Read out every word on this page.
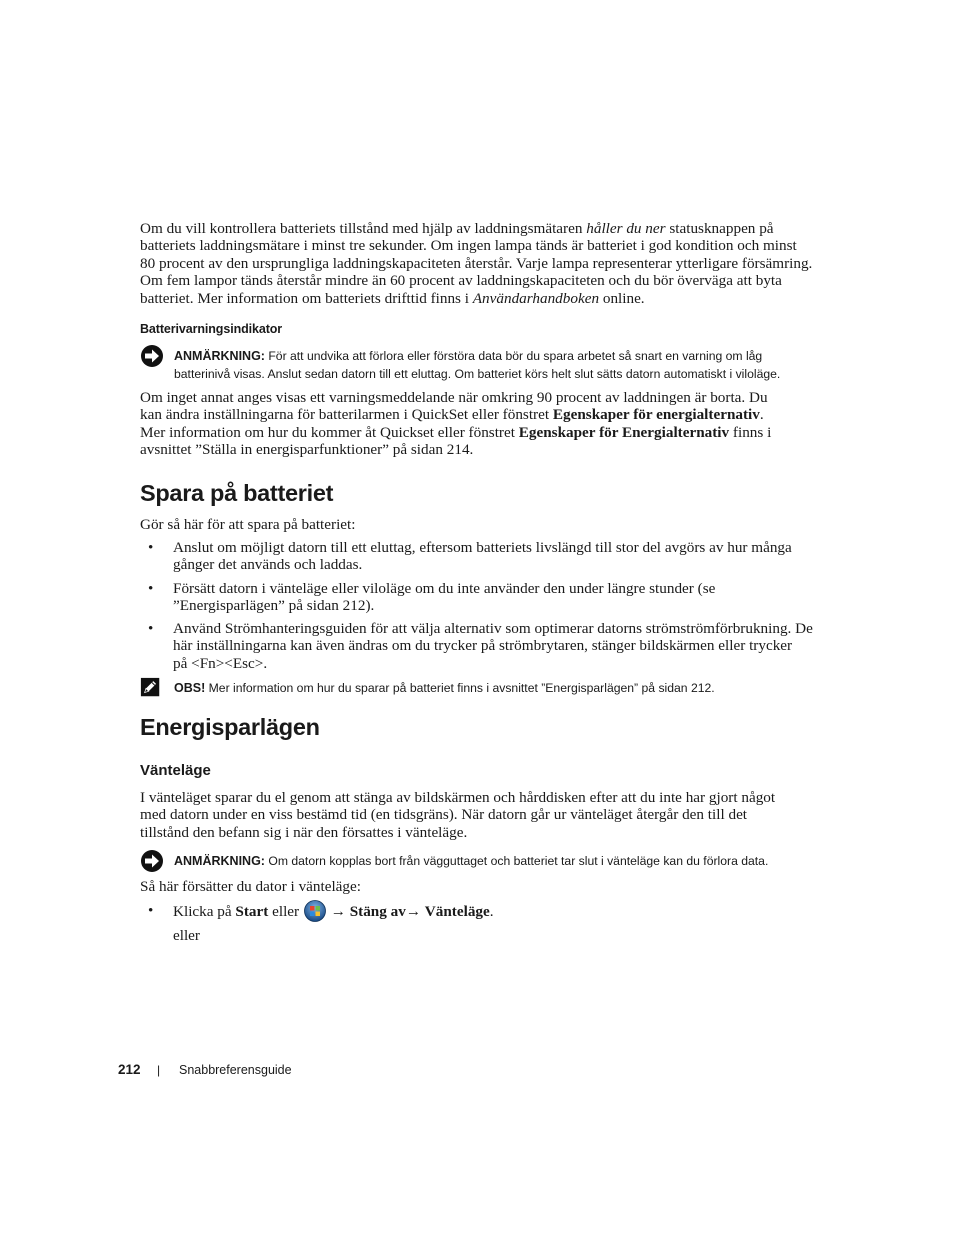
Om du vill kontrollera batteriets tillstånd med hjälp av laddningsmätaren håller du ner statusknappen på

batteriets laddningsmätare i minst tre sekunder. Om ingen lampa tänds är batteriet i god kondition och minst

80 procent av den ursprungliga laddningskapaciteten återstår. Varje lampa representerar ytterligare försämring.

Om fem lampor tänds återstår mindre än 60 procent av laddningskapaciteten och du bör överväga att byta

batteriet. Mer information om batteriets drifttid finns i Användarhandboken online.

Batterivarningsindikator
ANMÄRKNING: För att undvika att förlora eller förstöra data bör du spara arbetet så snart en varning om låg
batterinivå visas. Anslut sedan datorn till ett eluttag. Om batteriet körs helt slut sätts datorn automatiskt i viloläge.

Om inget annat anges visas ett varningsmeddelande när omkring 90 procent av laddningen är borta. Du

kan ändra inställningarna för batterilarmen i QuickSet eller fönstret Egenskaper för energialternativ.

Mer information om hur du kommer åt Quickset eller fönstret Egenskaper för Energialternativ finns i

avsnittet ”Ställa in energisparfunktioner” på sidan 214.

Spara på batteriet
Gör så här för att spara på batteriet:
• Anslut om möjligt datorn till ett eluttag, eftersom batteriets livslängd till stor del avgörs av hur många

gånger det används och laddas.

• Försätt datorn i vänteläge eller viloläge om du inte använder den under längre stunder (se

”Energisparlägen” på sidan 212).

• Använd Strömhanteringsguiden för att välja alternativ som optimerar datorns strömströmförbrukning. De

här inställningarna kan även ändras om du trycker på strömbrytaren, stänger bildskärmen eller trycker

på <Fn><Esc>.

OBS! Mer information om hur du sparar på batteriet finns i avsnittet ”Energisparlägen” på sidan 212.
Energisparlägen
Vänteläge

I vänteläget sparar du el genom att stänga av bildskärmen och hårddisken efter att du inte har gjort något

med datorn under en viss bestämd tid (en tidsgräns). När datorn går ur vänteläget återgår den till det

tillstånd den befann sig i när den försattes i vänteläge.

ANMÄRKNING: Om datorn kopplas bort från vägguttaget och batteriet tar slut i vänteläge kan du förlora data.
Så här försätter du dator i vänteläge:
• Klicka på Start eller  → Stäng av→ Vänteläge.
eller
212 | Snabbreferensguide
